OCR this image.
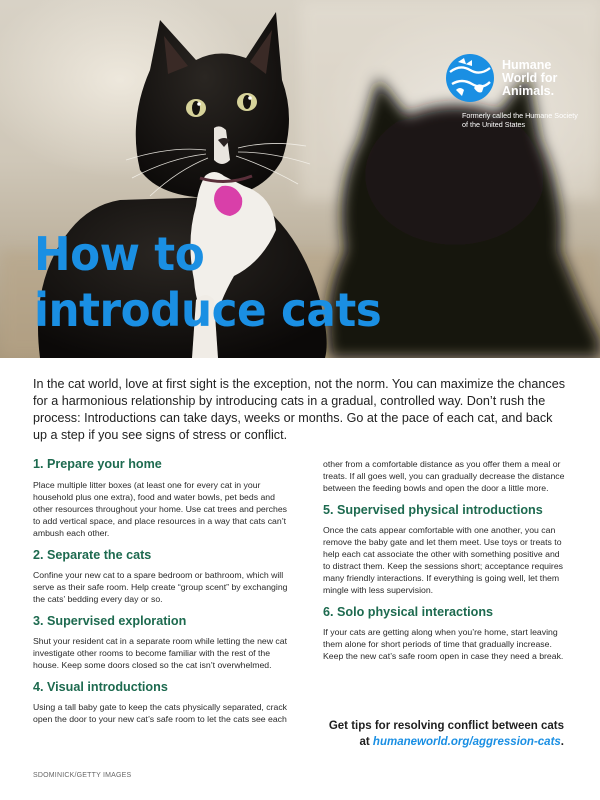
Humane
World for
Animals.
Formerly called the Humane Society of the United States
How to
introduce cats

In the cat world, love at first sight is the exception, not the norm. You can maximize the chances for a harmonious relationship by introducing cats in a gradual, controlled way. Don’t rush the process: Introductions can take days, weeks or months. Go at the pace of each cat, and back up a step if you see signs of stress or conflict.

1. Prepare your home

Place multiple litter boxes (at least one for every cat in your household plus one extra), food and water bowls, pet beds and other resources throughout your home. Use cat trees and perches to add vertical space, and place resources in a way that cats can’t ambush each other.

2. Separate the cats

Confine your new cat to a spare bedroom or bathroom, which will serve as their safe room. Help create “group scent” by exchanging the cats’ bedding every day or so.

3. Supervised exploration

Shut your resident cat in a separate room while letting the new cat investigate other rooms to become familiar with the rest of the house. Keep some doors closed so the cat isn’t overwhelmed.

4. Visual introductions

Using a tall baby gate to keep the cats physically separated, crack open the door to your new cat’s safe room to let the cats see each

other from a comfortable distance as you offer them a meal or treats. If all goes well, you can gradually decrease the distance between the feeding bowls and open the door a little more.

5. Supervised physical introductions

Once the cats appear comfortable with one another, you can remove the baby gate and let them meet. Use toys or treats to help each cat associate the other with something positive and to distract them. Keep the sessions short; acceptance requires many friendly interactions. If everything is going well, let them mingle with less supervision.

6. Solo physical interactions

If your cats are getting along when you’re home, start leaving them alone for short periods of time that gradually increase. Keep the new cat’s safe room open in case they need a break.

Get tips for resolving conflict between cats
at humaneworld.org/aggression-cats.
SDOMINICK/GETTY IMAGES
